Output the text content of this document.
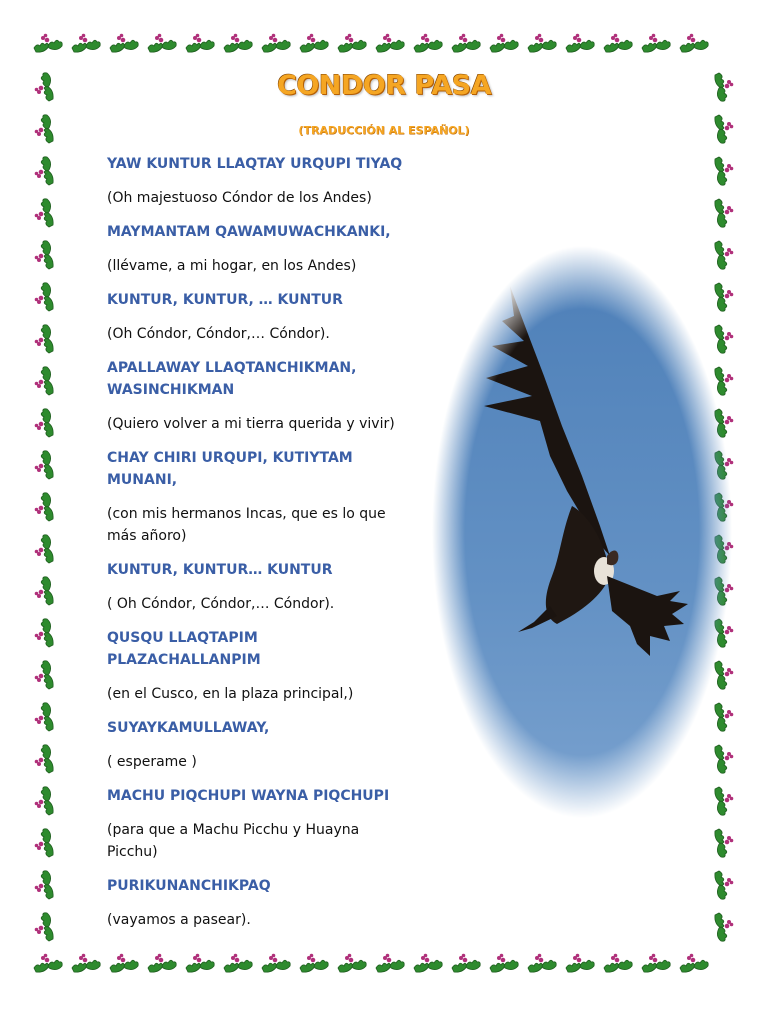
CONDOR PASA
(TRADUCCIÓN AL ESPAÑOL)
YAW KUNTUR LLAQTAY URQUPI TIYAQ
(Oh majestuoso Cóndor de los Andes)
MAYMANTAM QAWAMUWACHKANKI,
(llévame, a mi hogar, en los Andes)
KUNTUR, KUNTUR, … KUNTUR
(Oh Cóndor, Cóndor,… Cóndor).
APALLAWAY LLAQTANCHIKMAN, WASINCHIKMAN
(Quiero volver a mi tierra querida y vivir)
CHAY CHIRI URQUPI, KUTIYTAM MUNANI,
(con mis hermanos Incas, que es lo que más añoro)
KUNTUR, KUNTUR… KUNTUR
( Oh Cóndor, Cóndor,… Cóndor).
QUSQU LLAQTAPIM PLAZACHALLANPIM
(en el Cusco, en la plaza principal,)
SUYAYKAMULLAWAY,
( esperame )
MACHU PIQCHUPI WAYNA PIQCHUPI
(para que a Machu Picchu y Huayna Picchu)
PURIKUNANCHIKPAQ
(vayamos a pasear).
